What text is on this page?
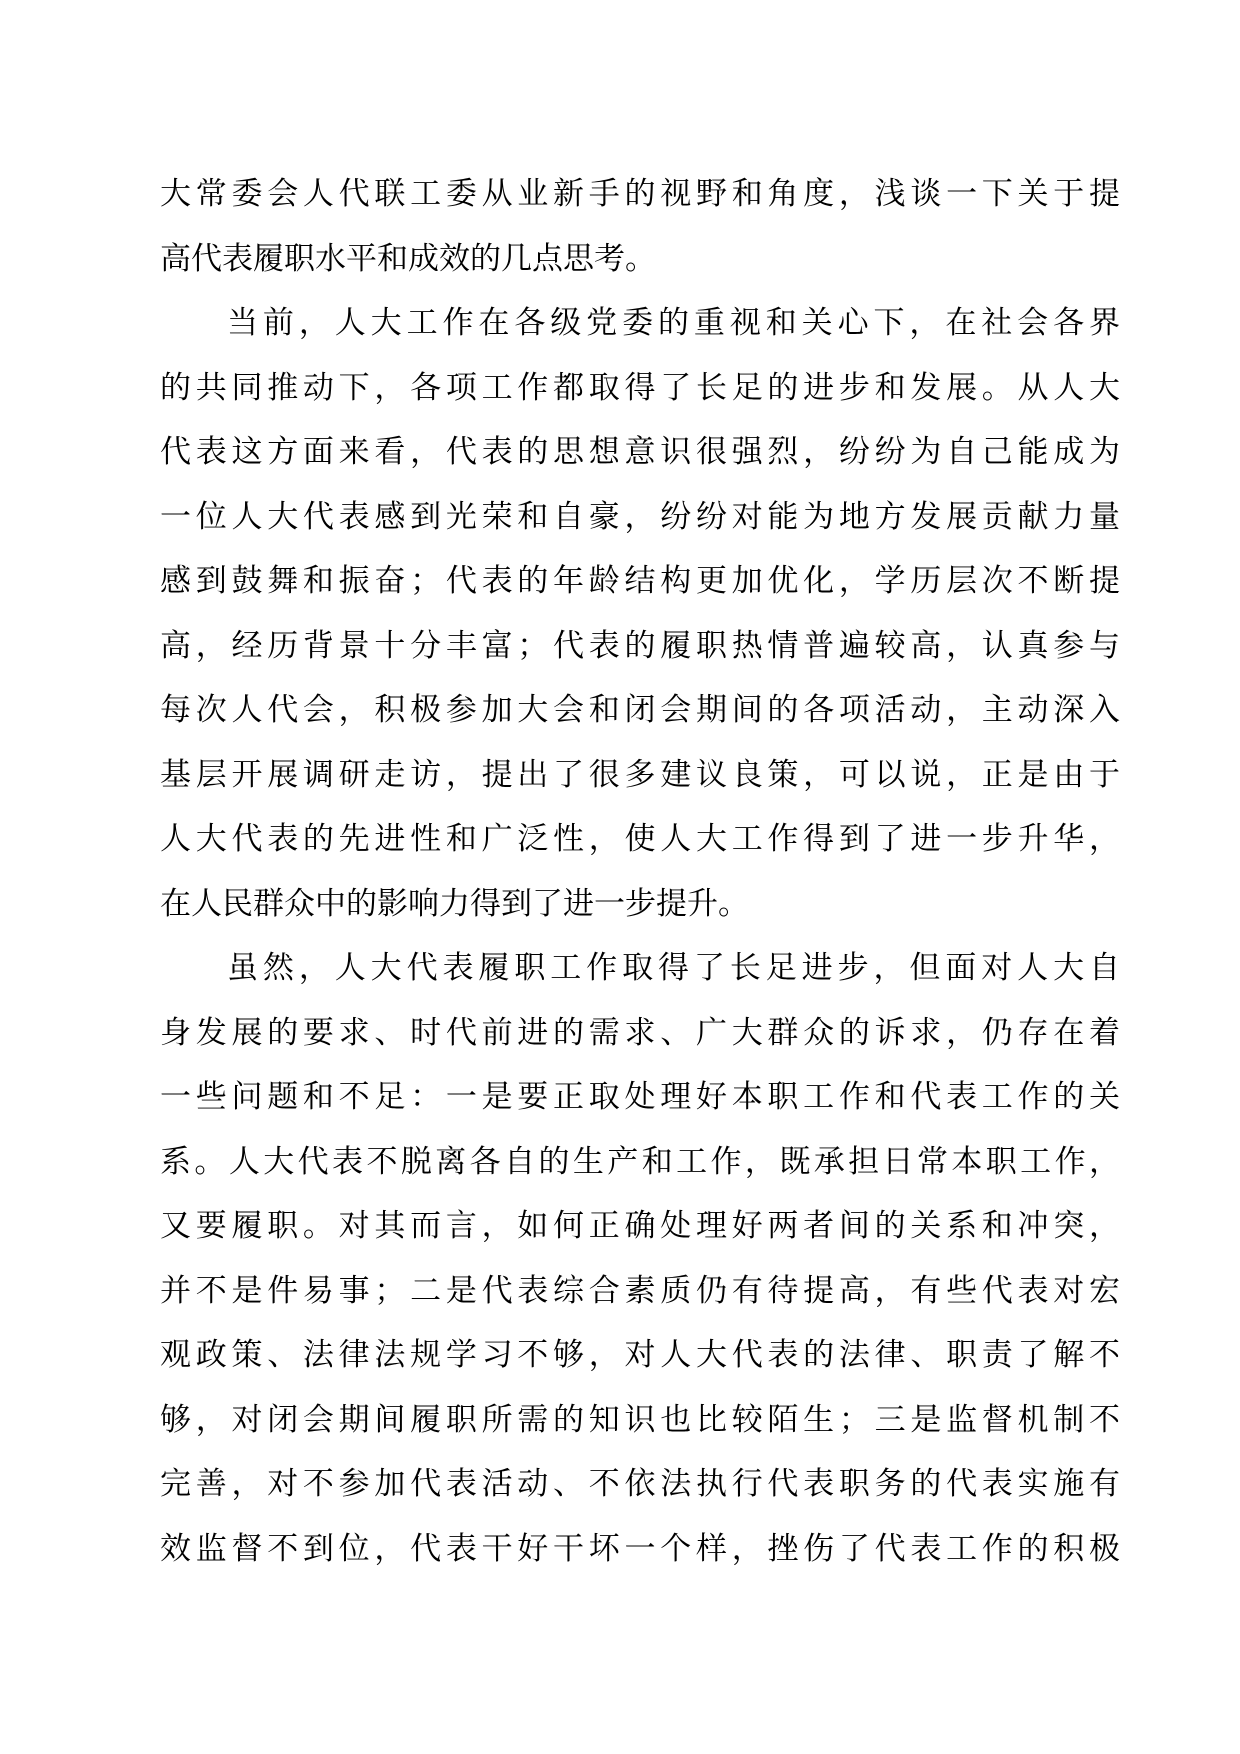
大常委会人代联工委从业新手的视野和角度，浅谈一下关于提
高代表履职水平和成效的几点思考。
当前，人大工作在各级党委的重视和关心下，在社会各界
的共同推动下，各项工作都取得了长足的进步和发展。从人大
代表这方面来看，代表的思想意识很强烈，纷纷为自己能成为
一位人大代表感到光荣和自豪，纷纷对能为地方发展贡献力量
感到鼓舞和振奋；代表的年龄结构更加优化，学历层次不断提
高，经历背景十分丰富；代表的履职热情普遍较高，认真参与
每次人代会，积极参加大会和闭会期间的各项活动，主动深入
基层开展调研走访，提出了很多建议良策，可以说，正是由于
人大代表的先进性和广泛性，使人大工作得到了进一步升华，
在人民群众中的影响力得到了进一步提升。
虽然，人大代表履职工作取得了长足进步，但面对人大自
身发展的要求、时代前进的需求、广大群众的诉求，仍存在着
一些问题和不足：一是要正取处理好本职工作和代表工作的关
系。人大代表不脱离各自的生产和工作，既承担日常本职工作，
又要履职。对其而言，如何正确处理好两者间的关系和冲突，
并不是件易事；二是代表综合素质仍有待提高，有些代表对宏
观政策、法律法规学习不够，对人大代表的法律、职责了解不
够，对闭会期间履职所需的知识也比较陌生；三是监督机制不
完善，对不参加代表活动、不依法执行代表职务的代表实施有
效监督不到位，代表干好干坏一个样，挫伤了代表工作的积极
